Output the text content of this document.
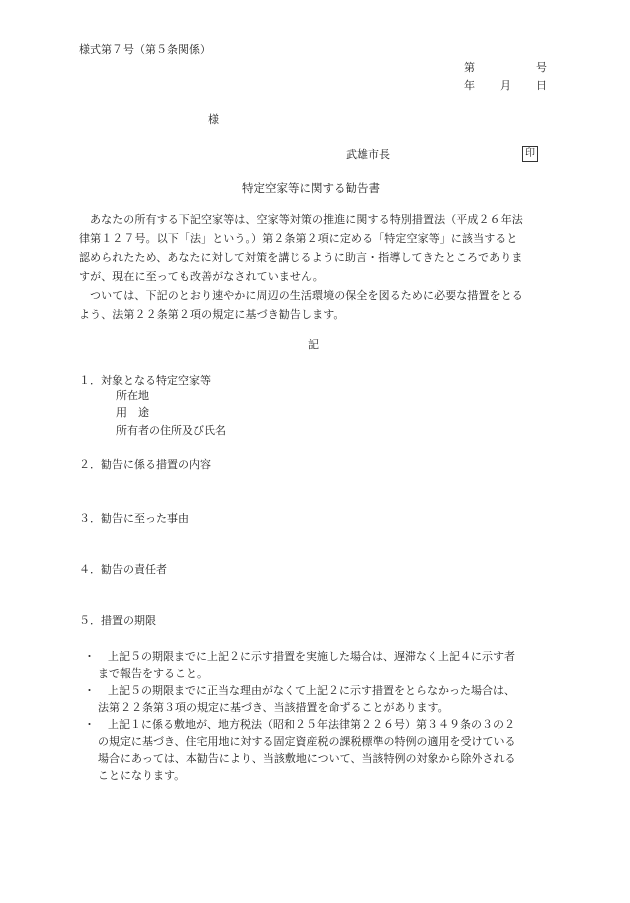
様式第７号（第５条関係）
第	号
年 月 日
様
武雄市長	印
特定空家等に関する勧告書
あなたの所有する下記空家等は、空家等対策の推進に関する特別措置法（平成２６年法
律第１２７号。以下「法」という。）第２条第２項に定める「特定空家等」に該当すると
認められたため、あなたに対して対策を講じるように助言・指導してきたところでありま
すが、現在に至っても改善がなされていません。
ついては、下記のとおり速やかに周辺の生活環境の保全を図るために必要な措置をとる
よう、法第２２条第２項の規定に基づき勧告します。
記
１．対象となる特定空家等
所在地
用　途
所有者の住所及び氏名
２．勧告に係る措置の内容
３．勧告に至った事由
４．勧告の責任者
５．措置の期限
・	上記５の期限までに上記２に示す措置を実施した場合は、遅滞なく上記４に示す者
まで報告をすること。
・	上記５の期限までに正当な理由がなくて上記２に示す措置をとらなかった場合は、
法第２２条第３項の規定に基づき、当該措置を命ずることがあります。
・	上記１に係る敷地が、地方税法（昭和２５年法律第２２６号）第３４９条の３の２
の規定に基づき、住宅用地に対する固定資産税の課税標準の特例の適用を受けている
場合にあっては、本勧告により、当該敷地について、当該特例の対象から除外される
ことになります。
